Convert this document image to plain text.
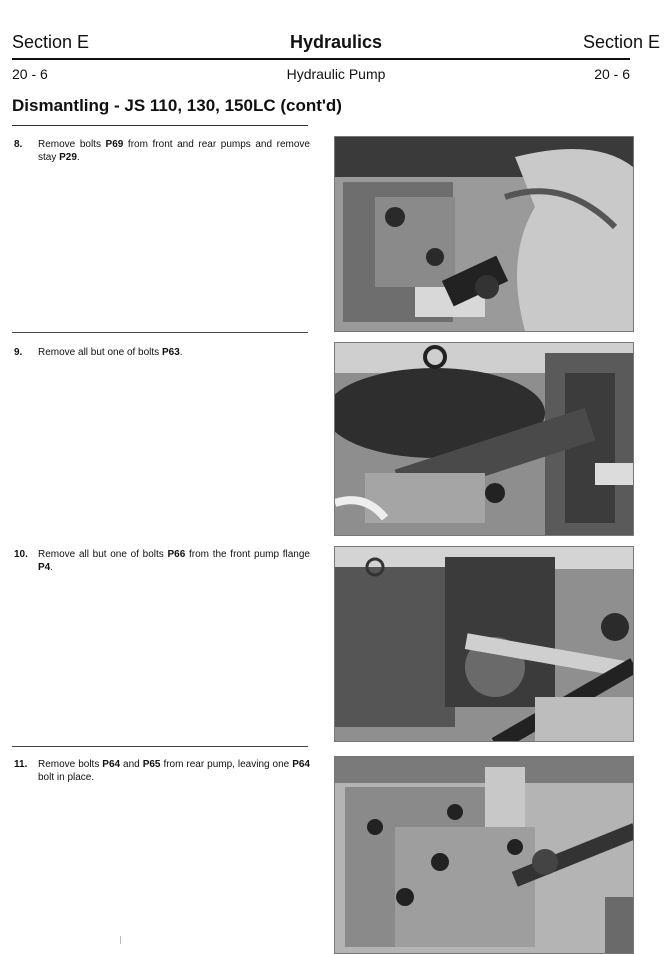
Section E	Hydraulics	Section E
20 - 6	Hydraulic Pump	20 - 6
Dismantling - JS 110, 130, 150LC (cont'd)
8.	Remove bolts P69 from front and rear pumps and remove stay P29.
9.	Remove all but one of bolts P63.
10.	Remove all but one of bolts P66 from the front pump flange P4.
11.	Remove bolts P64 and P65 from rear pump, leaving one P64 bolt in place.
